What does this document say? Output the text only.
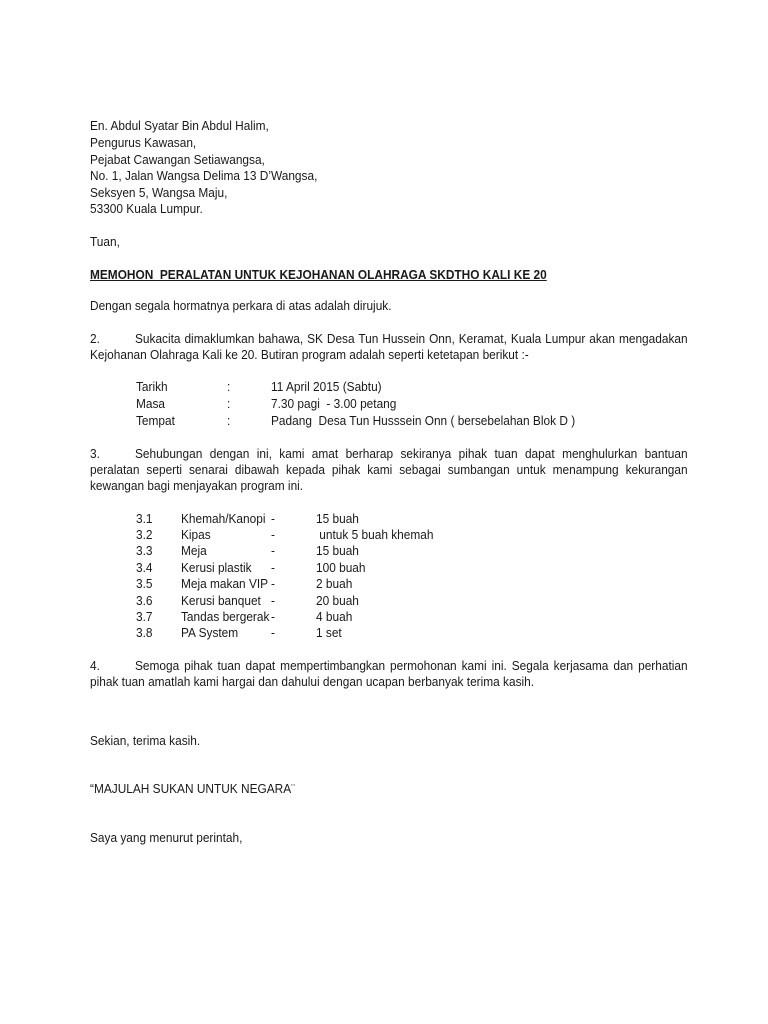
En. Abdul Syatar Bin Abdul Halim,
Pengurus Kawasan,
Pejabat Cawangan Setiawangsa,
No. 1, Jalan Wangsa Delima 13 D’Wangsa,
Seksyen 5, Wangsa Maju,
53300 Kuala Lumpur.
Tuan,
MEMOHON  PERALATAN UNTUK KEJOHANAN OLAHRAGA SKDTHO KALI KE 20
Dengan segala hormatnya perkara di atas adalah dirujuk.
2.	Sukacita dimaklumkan bahawa, SK Desa Tun Hussein Onn, Keramat, Kuala Lumpur akan mengadakan Kejohanan Olahraga Kali ke 20. Butiran program adalah seperti ketetapan berikut :-
Tarikh	:	11 April 2015 (Sabtu)
Masa	:	7.30 pagi  - 3.00 petang
Tempat	:	Padang  Desa Tun Husssein Onn ( bersebelahan Blok D )
3.	Sehubungan dengan ini, kami amat berharap sekiranya pihak tuan dapat menghulurkan bantuan peralatan seperti senarai dibawah kepada pihak kami sebagai sumbangan untuk menampung kekurangan kewangan bagi menjayakan program ini.
3.1 Khemah/Kanopi -	15 buah
3.2 Kipas	-	untuk 5 buah khemah
3.3 Meja	-	15 buah
3.4 Kerusi plastik -	100 buah
3.5 Meja makan VIP -	2 buah
3.6 Kerusi banquet -	20 buah
3.7 Tandas bergerak -	4 buah
3.8 PA System -	1 set
4.	Semoga pihak tuan dapat mempertimbangkan permohonan kami ini. Segala kerjasama dan perhatian pihak tuan amatlah kami hargai dan dahului dengan ucapan berbanyak terima kasih.
Sekian, terima kasih.
“MAJULAH SUKAN UNTUK NEGARA¨
Saya yang menurut perintah,
